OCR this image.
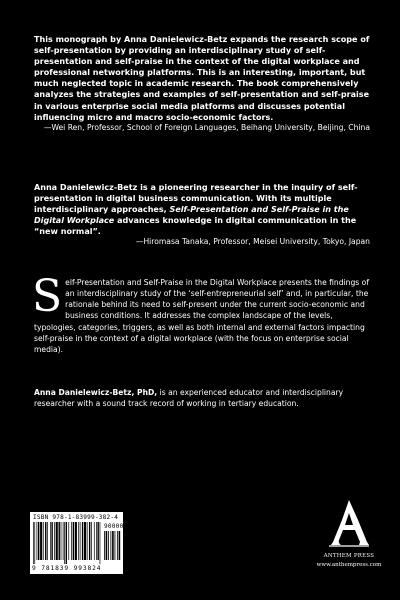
This monograph by Anna Danielewicz-Betz expands the research scope of self-presentation by providing an interdisciplinary study of self-presentation and self-praise in the context of the digital workplace and professional networking platforms. This is an interesting, important, but much neglected topic in academic research. The book comprehensively analyzes the strategies and examples of self-presentation and self-praise in various enterprise social media platforms and discusses potential influencing micro and macro socio-economic factors.

—Wei Ren, Professor, School of Foreign Languages, Beihang University, Beijing, China

Anna Danielewicz-Betz is a pioneering researcher in the inquiry of self-presentation in digital business communication. With its multiple interdisciplinary approaches, Self-Presentation and Self-Praise in the Digital Workplace advances knowledge in digital communication in the “new normal”.

—Hiromasa Tanaka, Professor, Meisei University, Tokyo, Japan

Self-Presentation and Self-Praise in the Digital Workplace presents the findings of an interdisciplinary study of the ‘self-entrepreneurial self’ and, in particular, the rationale behind its need to self-present under the current socio-economic and business conditions. It addresses the complex landscape of the levels, typologies, categories, triggers, as well as both internal and external factors impacting self-praise in the context of a digital workplace (with the focus on enterprise social media).
Anna Danielewicz-Betz, PhD, is an experienced educator and interdisciplinary researcher with a sound track record of working in tertiary education.
ISBN 978-1-83999-382-4
90000
9 781839 993824
ANTHEM PRESS
www.anthempress.com
